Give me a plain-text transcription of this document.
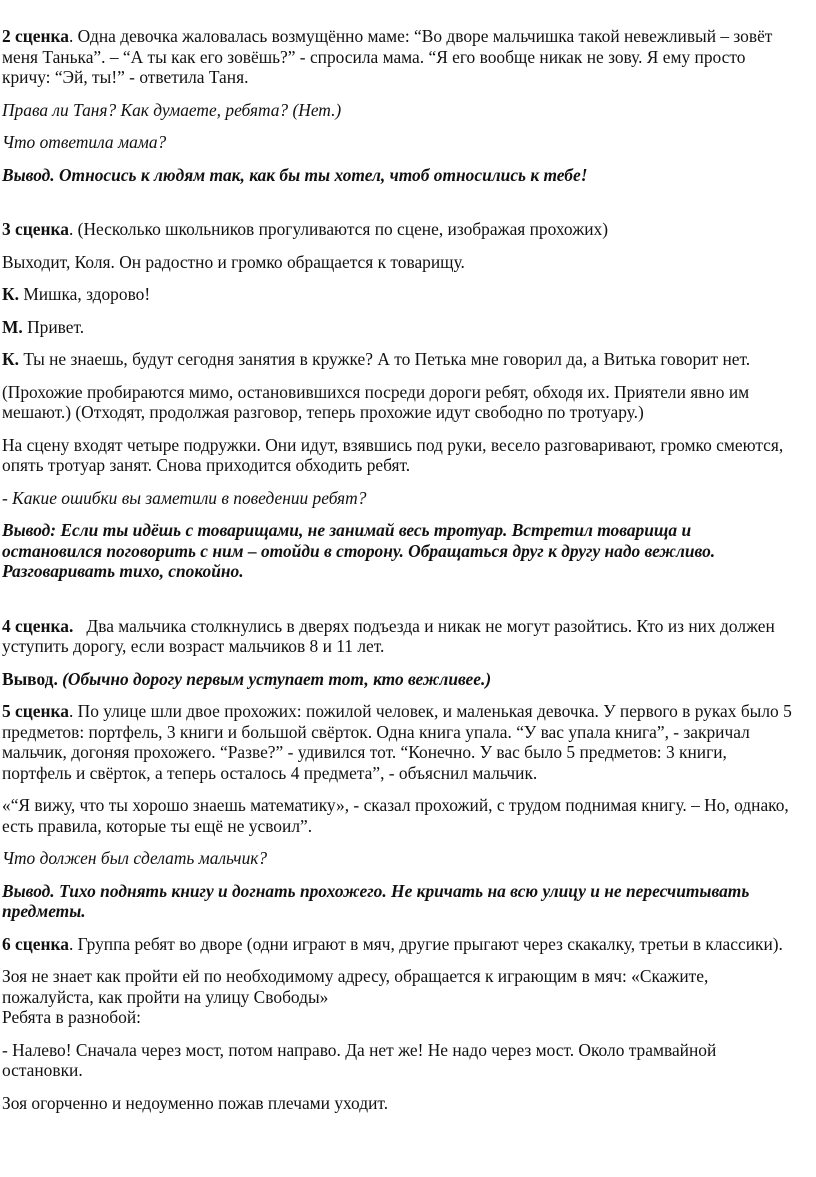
2 сценка. Одна девочка жаловалась возмущённо маме: “Во дворе мальчишка такой невежливый – зовёт меня Танька”. – “А ты как его зовёшь?” - спросила мама. “Я его вообще никак не зову. Я ему просто кричу: “Эй, ты!” - ответила Таня.

Права ли Таня? Как думаете, ребята? (Нет.)

Что ответила мама?

Вывод. Относись к людям так, как бы ты хотел, чтоб относились к тебе!

3 сценка. (Несколько школьников прогуливаются по сцене, изображая прохожих)

Выходит, Коля. Он радостно и громко обращается к товарищу.

К. Мишка, здорово!

М. Привет.

К. Ты не знаешь, будут сегодня занятия в кружке? А то Петька мне говорил да, а Витька говорит нет.

(Прохожие пробираются мимо, остановившихся посреди дороги ребят, обходя их. Приятели явно им мешают.) (Отходят, продолжая разговор, теперь прохожие идут свободно по тротуару.)

На сцену входят четыре подружки. Они идут, взявшись под руки, весело разговаривают, громко смеются, опять тротуар занят. Снова приходится обходить ребят.

- Какие ошибки вы заметили в поведении ребят?

Вывод: Если ты идёшь с товарищами, не занимай весь тротуар. Встретил товарища и остановился поговорить с ним – отойди в сторону. Обращаться друг к другу надо вежливо. Разговаривать тихо, спокойно.

4 сценка.   Два мальчика столкнулись в дверях подъезда и никак не могут разойтись. Кто из них должен уступить дорогу, если возраст мальчиков 8 и 11 лет.

Вывод. (Обычно дорогу первым уступает тот, кто вежливее.)

5 сценка. По улице шли двое прохожих: пожилой человек, и маленькая девочка. У первого в руках было 5 предметов: портфель, 3 книги и большой свёрток. Одна книга упала. “У вас упала книга”, - закричал мальчик, догоняя прохожего. “Разве?” - удивился тот. “Конечно. У вас было 5 предметов: 3 книги, портфель и свёрток, а теперь осталось 4 предмета”, - объяснил мальчик.

«“Я вижу, что ты хорошо знаешь математику», - сказал прохожий, с трудом поднимая книгу. – Но, однако, есть правила, которые ты ещё не усвоил”.

Что должен был сделать мальчик?

Вывод. Тихо поднять книгу и догнать прохожего. Не кричать на всю улицу и не пересчитывать предметы.

6 сценка. Группа ребят во дворе (одни играют в мяч, другие прыгают через скакалку, третьи в классики).

Зоя не знает как пройти ей по необходимому адресу, обращается к играющим в мяч: «Скажите, пожалуйста, как пройти на улицу Свободы»

Ребята в разнобой:

- Налево! Сначала через мост, потом направо. Да нет же! Не надо через мост. Около трамвайной остановки.

Зоя огорченно и недоуменно пожав плечами уходит.
